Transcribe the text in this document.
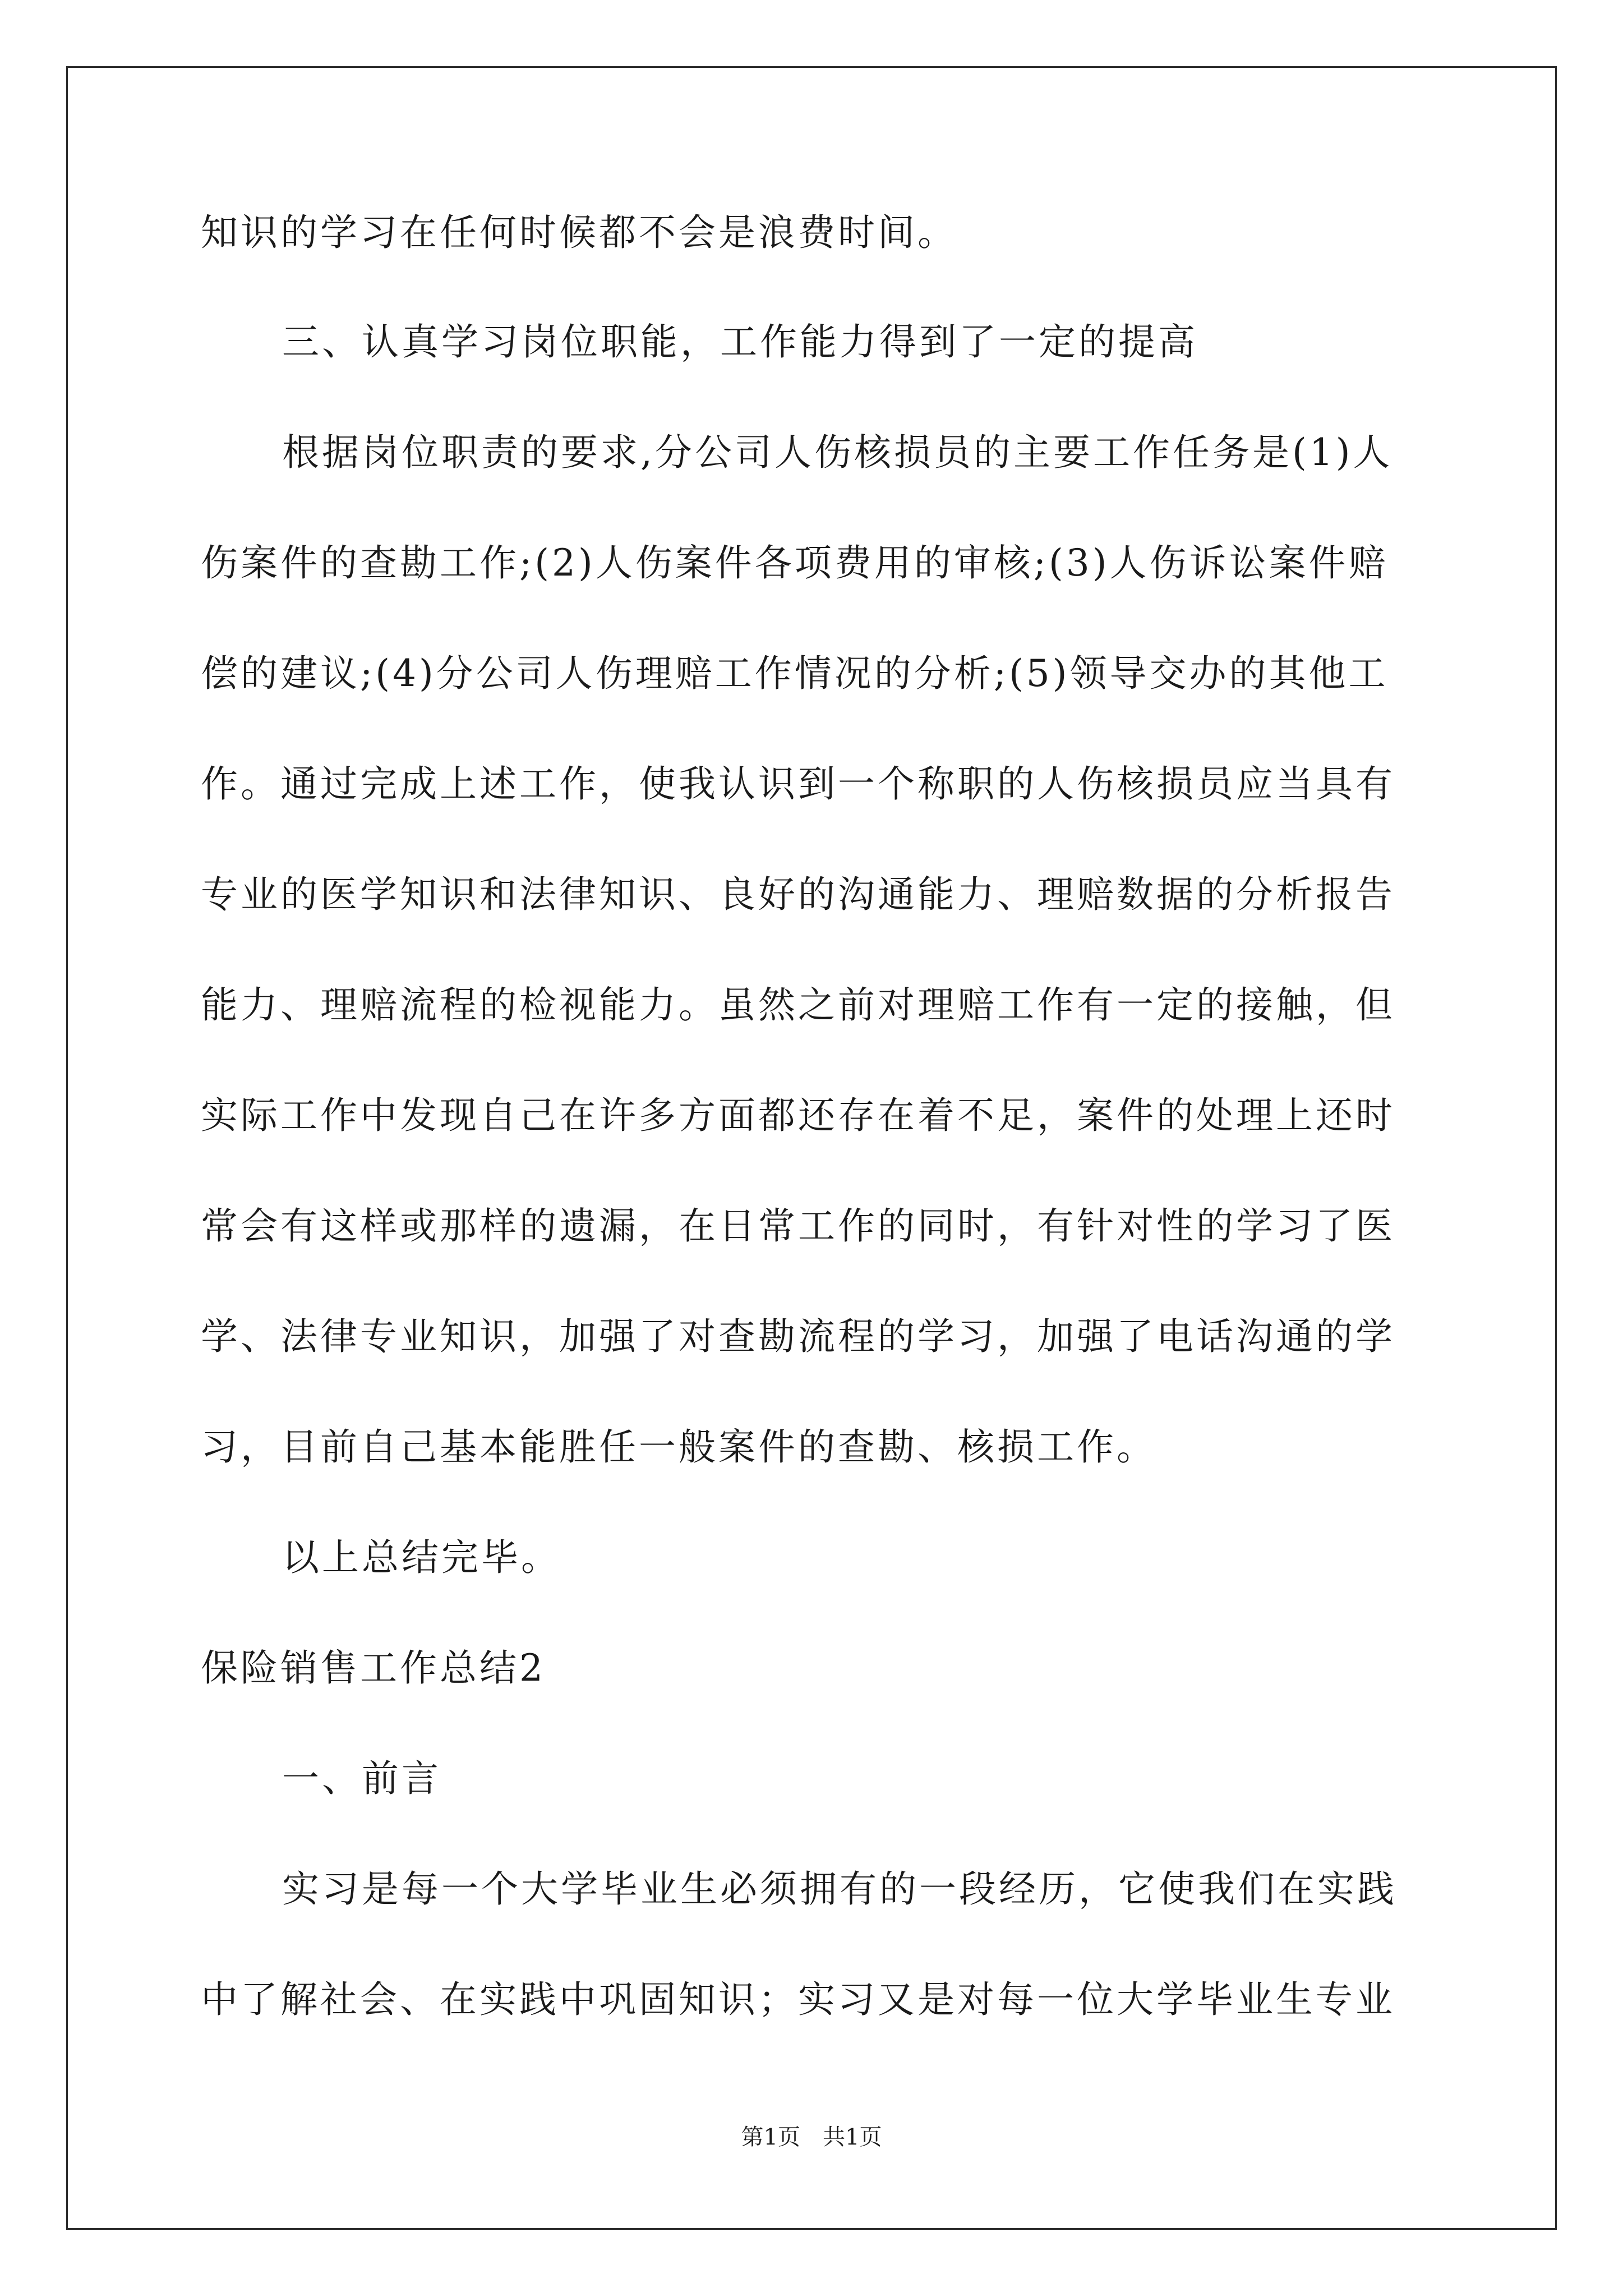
知识的学习在任何时候都不会是浪费时间。
三、认真学习岗位职能，工作能力得到了一定的提高
根据岗位职责的要求,分公司人伤核损员的主要工作任务是(1)人
伤案件的查勘工作;(2)人伤案件各项费用的审核;(3)人伤诉讼案件赔
偿的建议;(4)分公司人伤理赔工作情况的分析;(5)领导交办的其他工
作。通过完成上述工作，使我认识到一个称职的人伤核损员应当具有
专业的医学知识和法律知识、良好的沟通能力、理赔数据的分析报告
能力、理赔流程的检视能力。虽然之前对理赔工作有一定的接触，但
实际工作中发现自己在许多方面都还存在着不足，案件的处理上还时
常会有这样或那样的遗漏，在日常工作的同时，有针对性的学习了医
学、法律专业知识，加强了对查勘流程的学习，加强了电话沟通的学
习，目前自己基本能胜任一般案件的查勘、核损工作。
以上总结完毕。
保险销售工作总结2
一、前言
实习是每一个大学毕业生必须拥有的一段经历，它使我们在实践
中了解社会、在实践中巩固知识；实习又是对每一位大学毕业生专业
第1页　共1页
